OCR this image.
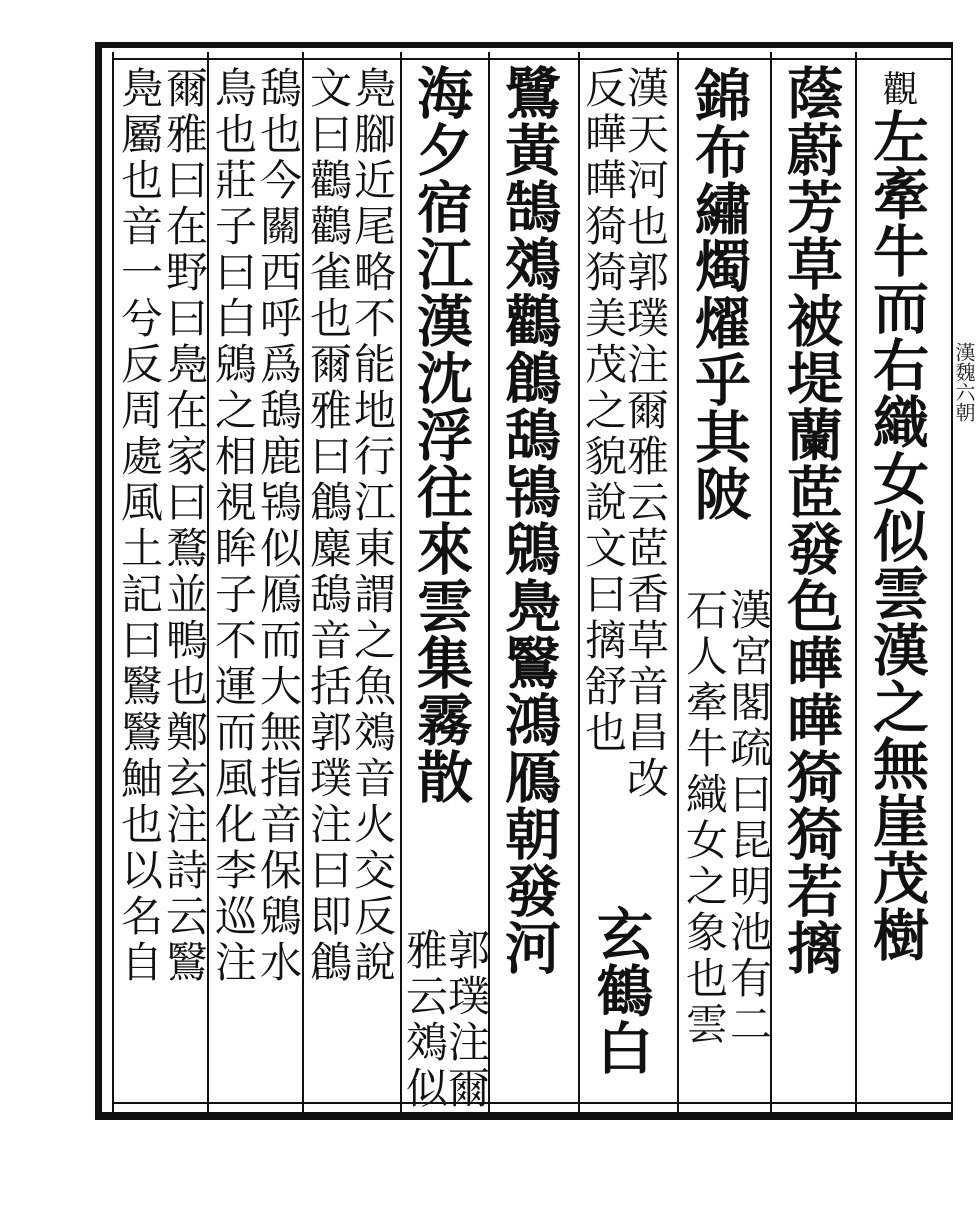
漢魏六朝
觀左牽牛而右織女似雲漢之無崖茂樹
蔭蔚芳草被堤蘭茝發色曄曄猗猗若摛
錦布繡燭燿乎其陂
漢宮閣疏曰昆明池有二
石人牽牛織女之象也雲
漢天河也郭璞注爾雅云茝香草音昌改
反曄曄猗猗美茂之貌說文曰摛舒也
玄鶴白
鷺黃鵠鵁鸛鶬鴰鴇鶂鳧鷖鴻鴈朝發河
海夕宿江漢沈浮往來雲集霧散
郭璞注爾
雅云鵁似
鳧腳近尾略不能地行江東謂之魚鵁音火交反說
文曰鸛鸛雀也爾雅曰鶬麋鴰音括郭璞注曰即鶬
鴰也今關西呼爲鴰鹿鴇似鴈而大無指音保鶂水
鳥也莊子曰白鶂之相視眸子不運而風化李巡注
爾雅曰在野曰鳧在家曰鶩並鴨也鄭玄注詩云鷖
鳧屬也音一兮反周處風土記曰鷖鷖鮋也以名自
